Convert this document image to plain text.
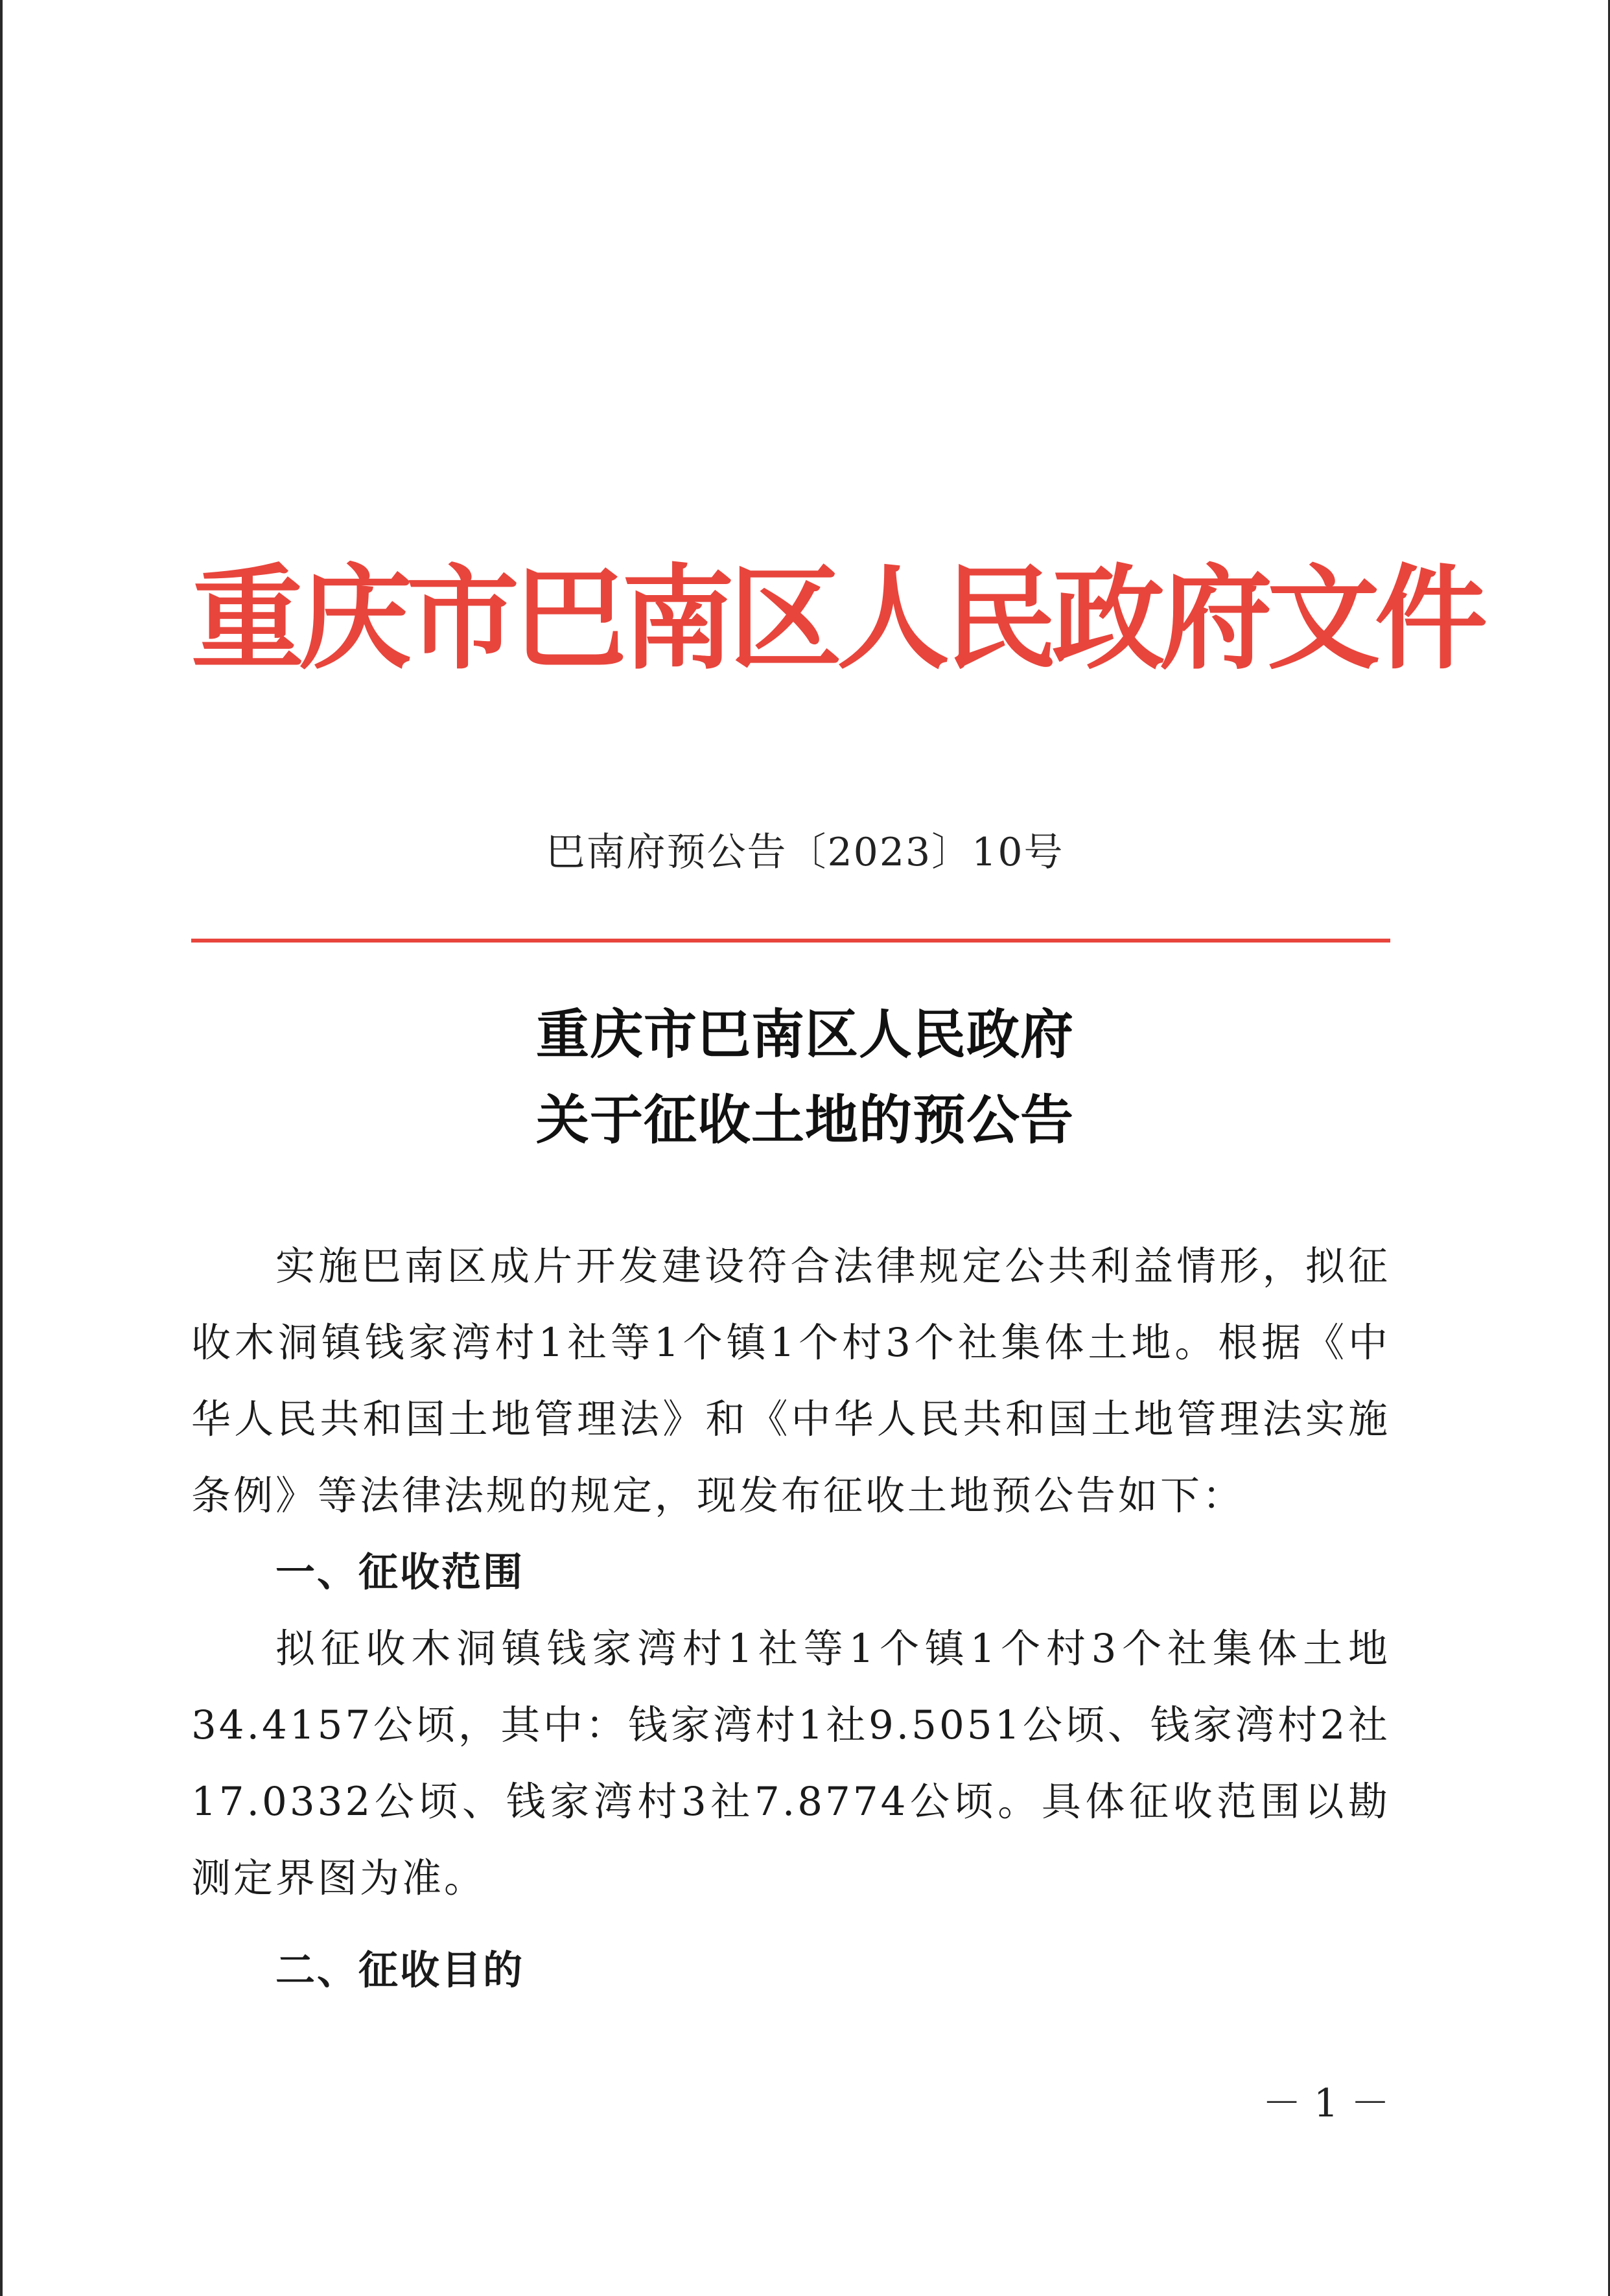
重庆市巴南区人民政府文件
巴南府预公告〔2023〕10号
重庆市巴南区人民政府
关于征收土地的预公告

实施巴南区成片开发建设符合法律规定公共利益情形，拟征收木洞镇钱家湾村1社等1个镇1个村3个社集体土地。根据《中华人民共和国土地管理法》和《中华人民共和国土地管理法实施条例》等法律法规的规定，现发布征收土地预公告如下：

一、征收范围

拟征收木洞镇钱家湾村1社等1个镇1个村3个社集体土地34.4157公顷，其中：钱家湾村1社9.5051公顷、钱家湾村2社17.0332公顷、钱家湾村3社7.8774公顷。具体征收范围以勘测定界图为准。

二、征收目的
－ 1 －
